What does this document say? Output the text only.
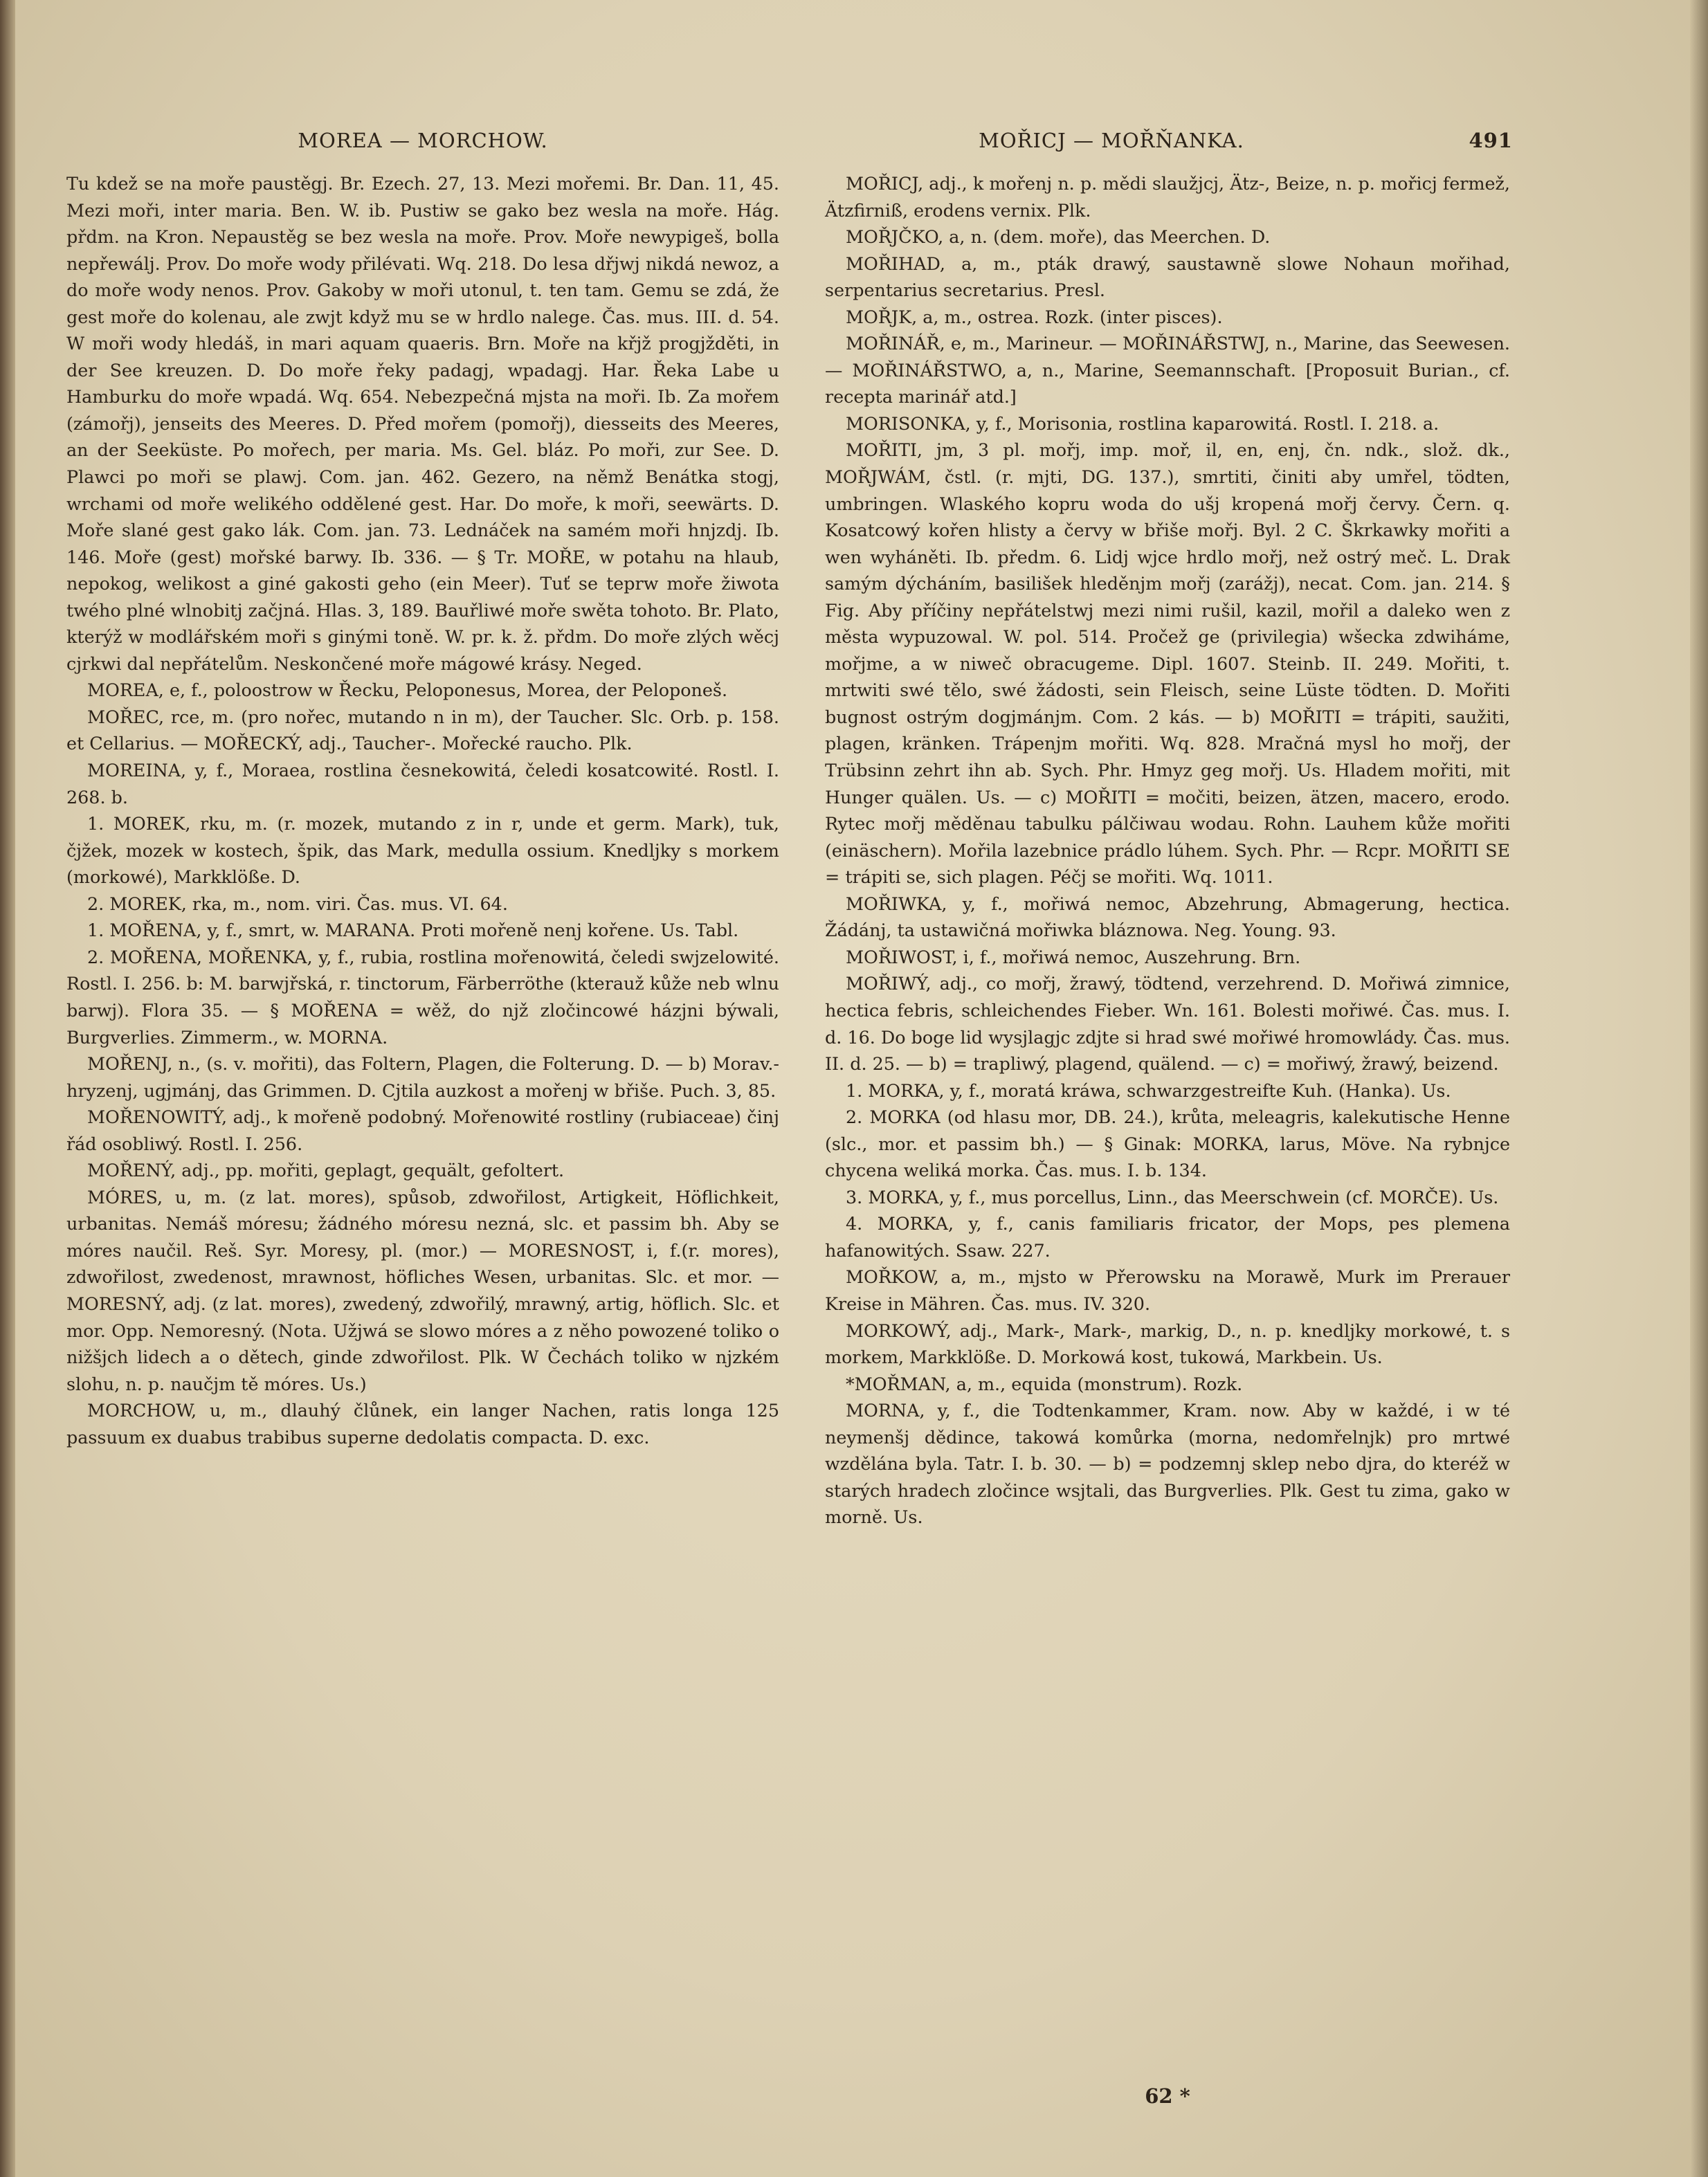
MOREA — MORCHOW.	MOŘICJ — MOŘŇANKA.	491

Tu kdež se na moře paustěgj. Br. Ezech. 27, 13. Mezi mořemi. Br. Dan. 11, 45. Mezi moři, inter maria. Ben. W. ib. Pustiw se gako bez wesla na moře. Hág. přdm. na Kron. Nepaustěg se bez wesla na moře. Prov. Moře newypigeš, bolla nepřewálj. Prov. Do moře wody přilévati. Wq. 218. Do lesa dřjwj nikdá newoz, a do moře wody nenos. Prov. Gakoby w moři utonul, t. ten tam. Gemu se zdá, že gest moře do kolenau, ale zwjt když mu se w hrdlo nalege. Čas. mus. III. d. 54. W moři wody hledáš, in mari aquam quaeris. Brn. Moře na křjž progjžděti, in der See kreuzen. D. Do moře řeky padagj, wpadagj. Har. Řeka Labe u Hamburku do moře wpadá. Wq. 654. Nebezpečná mjsta na moři. Ib. Za mořem (zámořj), jenseits des Meeres. D. Před mořem (pomořj), diesseits des Meeres, an der Seeküste. Po mořech, per maria. Ms. Gel. bláz. Po moři, zur See. D. Plawci po moři se plawj. Com. jan. 462. Gezero, na němž Benátka stogj, wrchami od moře welikého oddělené gest. Har. Do moře, k moři, seewärts. D. Moře slané gest gako lák. Com. jan. 73. Lednáček na samém moři hnjzdj. Ib. 146. Moře (gest) mořské barwy. Ib. 336. — § Tr. MOŘE, w potahu na hlaub, nepokog, welikost a giné gakosti geho (ein Meer). Tuť se teprw moře žiwota twého plné wlnobitj začjná. Hlas. 3, 189. Bauřliwé moře swěta tohoto. Br. Plato, kterýž w modlářském moři s ginými toně. W. pr. k. ž. přdm. Do moře zlých wěcj cjrkwi dal nepřátelům. Neskončené moře mágowé krásy. Neged.

MOREA, e, f., poloostrow w Řecku, Peloponesus, Morea, der Peloponeš.

MOŘEC, rce, m. (pro nořec, mutando n in m), der Taucher. Slc. Orb. p. 158. et Cellarius. — MOŘECKÝ, adj., Taucher-. Mořecké raucho. Plk.

MOREINA, y, f., Moraea, rostlina česnekowitá, čeledi kosatcowité. Rostl. I. 268. b.

1. MOREK, rku, m. (r. mozek, mutando z in r, unde et germ. Mark), tuk, čjžek, mozek w kostech, špik, das Mark, medulla ossium. Knedljky s morkem (morkowé), Markklöße. D.

2. MOREK, rka, m., nom. viri. Čas. mus. VI. 64.

1. MOŘENA, y, f., smrt, w. MARANA. Proti mořeně nenj kořene. Us. Tabl.

2. MOŘENA, MOŘENKA, y, f., rubia, rostlina mořenowitá, čeledi swjzelowité. Rostl. I. 256. b: M. barwjřská, r. tinctorum, Färberröthe (kterauž kůže neb wlnu barwj). Flora 35. — § MOŘENA = wěž, do njž zločincowé házjni býwali, Burgverlies. Zimmerm., w. MORNA.

MOŘENJ, n., (s. v. mořiti), das Foltern, Plagen, die Folterung. D. — b) Morav.-hryzenj, ugjmánj, das Grimmen. D. Cjtila auzkost a mořenj w břiše. Puch. 3, 85.

MOŘENOWITÝ, adj., k mořeně podobný. Mořenowité rostliny (rubiaceae) činj řád osobliwý. Rostl. I. 256.

MOŘENÝ, adj., pp. mořiti, geplagt, gequält, gefoltert.

MÓRES, u, m. (z lat. mores), spůsob, zdwořilost, Artigkeit, Höflichkeit, urbanitas. Nemáš móresu; žádného móresu nezná, slc. et passim bh. Aby se móres naučil. Reš. Syr. Moresy, pl. (mor.) — MORESNOST, i, f.(r. mores), zdwořilost, zwedenost, mrawnost, höfliches Wesen, urbanitas. Slc. et mor. — MORESNÝ, adj. (z lat. mores), zwedený, zdwořilý, mrawný, artig, höflich. Slc. et mor. Opp. Nemoresný. (Nota. Užjwá se slowo móres a z něho powozené toliko o nižšjch lidech a o dětech, ginde zdwořilost. Plk. W Čechách toliko w njzkém slohu, n. p. naučjm tě móres. Us.)

MORCHOW, u, m., dlauhý člůnek, ein langer Nachen, ratis longa 125 passuum ex duabus trabibus superne dedolatis compacta. D. exc.

MOŘICJ, adj., k mořenj n. p. mědi slaužjcj, Ätz-, Beize, n. p. mořicj fermež, Ätzfirniß, erodens vernix. Plk.

MOŘJČKO, a, n. (dem. moře), das Meerchen. D.

MOŘIHAD, a, m., pták drawý, saustawně slowe Nohaun mořihad, serpentarius secretarius. Presl.

MOŘJK, a, m., ostrea. Rozk. (inter pisces).

MOŘINÁŘ, e, m., Marineur. — MOŘINÁŘSTWJ, n., Marine, das Seewesen. — MOŘINÁŘSTWO, a, n., Marine, Seemannschaft. [Proposuit Burian., cf. recepta marinář atd.]

MORISONKA, y, f., Morisonia, rostlina kaparowitá. Rostl. I. 218. a.

MOŘITI, jm, 3 pl. mořj, imp. moř, il, en, enj, čn. ndk., slož. dk., MOŘJWÁM, čstl. (r. mjti, DG. 137.), smrtiti, činiti aby umřel, tödten, umbringen. Wlaského kopru woda do ušj kropená mořj červy. Čern. q. Kosatcowý kořen hlisty a červy w břiše mořj. Byl. 2 C. Škrkawky mořiti a wen wyháněti. Ib. předm. 6. Lidj wjce hrdlo mořj, než ostrý meč. L. Drak samým dýcháním, basilišek hleděnjm mořj (zarážj), necat. Com. jan. 214. § Fig. Aby příčiny nepřátelstwj mezi nimi rušil, kazil, mořil a daleko wen z města wypuzowal. W. pol. 514. Pročež ge (privilegia) wšecka zdwiháme, mořjme, a w niweč obracugeme. Dipl. 1607. Steinb. II. 249. Mořiti, t. mrtwiti swé tělo, swé žádosti, sein Fleisch, seine Lüste tödten. D. Mořiti bugnost ostrým dogjmánjm. Com. 2 kás. — b) MOŘITI = trápiti, saužiti, plagen, kränken. Trápenjm mořiti. Wq. 828. Mračná mysl ho mořj, der Trübsinn zehrt ihn ab. Sych. Phr. Hmyz geg mořj. Us. Hladem mořiti, mit Hunger quälen. Us. — c) MOŘITI = močiti, beizen, ätzen, macero, erodo. Rytec mořj měděnau tabulku pálčiwau wodau. Rohn. Lauhem kůže mořiti (einäschern). Mořila lazebnice prádlo lúhem. Sych. Phr. — Rcpr. MOŘITI SE = trápiti se, sich plagen. Péčj se mořiti. Wq. 1011.

MOŘIWKA, y, f., mořiwá nemoc, Abzehrung, Abmagerung, hectica. Žádánj, ta ustawičná mořiwka bláznowa. Neg. Young. 93.

MOŘIWOST, i, f., mořiwá nemoc, Auszehrung. Brn.

MOŘIWÝ, adj., co mořj, žrawý, tödtend, verzehrend. D. Mořiwá zimnice, hectica febris, schleichendes Fieber. Wn. 161. Bolesti mořiwé. Čas. mus. I. d. 16. Do boge lid wysjlagjc zdjte si hrad swé mořiwé hromowlády. Čas. mus. II. d. 25. — b) = trapliwý, plagend, quälend. — c) = mořiwý, žrawý, beizend.

1. MORKA, y, f., moratá kráwa, schwarzgestreifte Kuh. (Hanka). Us.

2. MORKA (od hlasu mor, DB. 24.), krůta, meleagris, kalekutische Henne (slc., mor. et passim bh.) — § Ginak: MORKA, larus, Möve. Na rybnjce chycena weliká morka. Čas. mus. I. b. 134.

3. MORKA, y, f., mus porcellus, Linn., das Meerschwein (cf. MORČE). Us.

4. MORKA, y, f., canis familiaris fricator, der Mops, pes plemena hafanowitých. Ssaw. 227.

MOŘKOW, a, m., mjsto w Přerowsku na Morawě, Murk im Prerauer Kreise in Mähren. Čas. mus. IV. 320.

MORKOWÝ, adj., Mark-, Mark-, markig, D., n. p. knedljky morkowé, t. s morkem, Markklöße. D. Morkowá kost, tukowá, Markbein. Us.

*MOŘMAN, a, m., equida (monstrum). Rozk.

MORNA, y, f., die Todtenkammer, Kram. now. Aby w každé, i w té neymenšj dědince, takowá komůrka (morna, nedomřelnjk) pro mrtwé wzdělána byla. Tatr. I. b. 30. — b) = podzemnj sklep nebo djra, do kteréž w starých hradech zločince wsjtali, das Burgverlies. Plk. Gest tu zima, gako w morně. Us.

62 *
